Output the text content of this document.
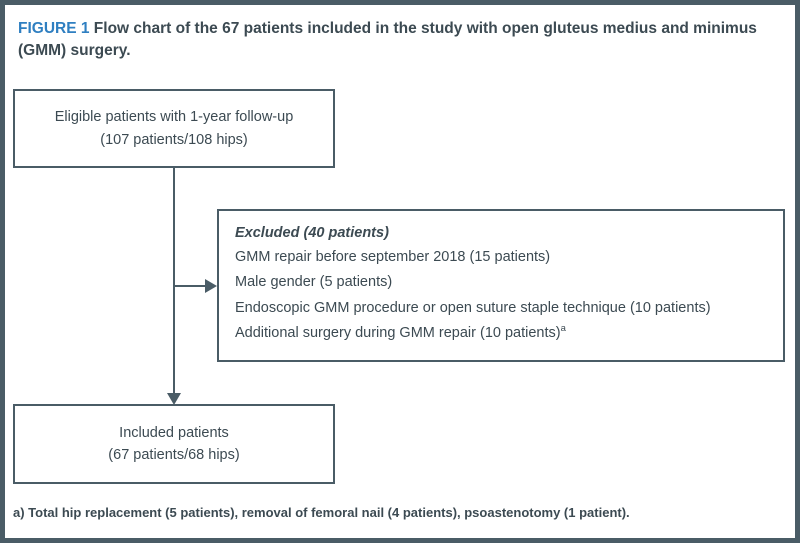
FIGURE 1 Flow chart of the 67 patients included in the study with open gluteus medius and minimus (GMM) surgery.
Eligible patients with 1-year follow-up
(107 patients/108 hips)
Excluded (40 patients)
GMM repair before september 2018 (15 patients)
Male gender (5 patients)
Endoscopic GMM procedure or open suture staple technique (10 patients)
Additional surgery during GMM repair (10 patients)$^a$
Included patients
(67 patients/68 hips)
a) Total hip replacement (5 patients), removal of femoral nail (4 patients), psoastenotomy (1 patient).
